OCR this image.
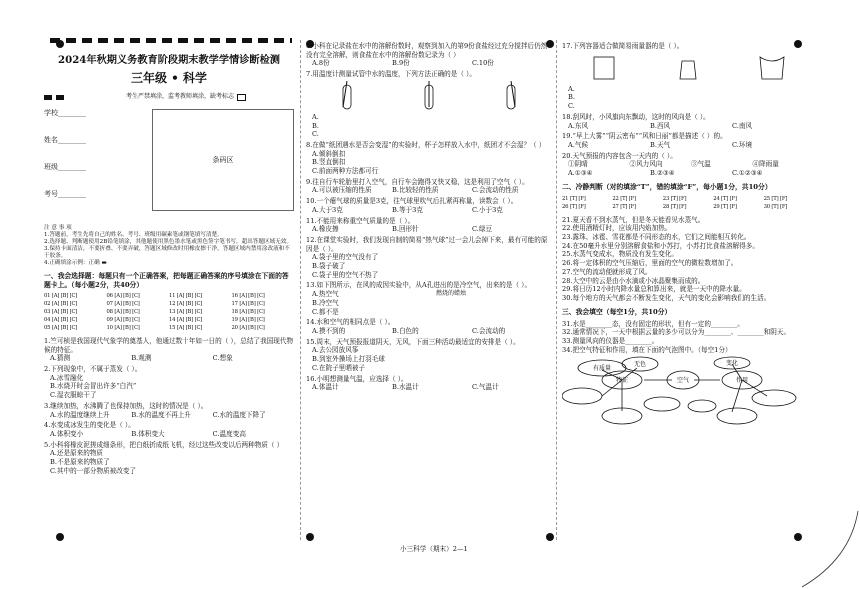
2024年秋期义务教育阶段期末教学学情诊断检测
三年级 • 科学
考生严禁填涂，监考教师填涂，缺考标志
学校________
姓名________
班级________
考号________
条码区
注 意 事 项
1.答题前，考生先将自己的姓名、考号、班级用碳素笔或钢笔填写清楚。
2.选择题、判断题使用2B铅笔填涂，其他题使用黑色墨水笔或黑色签字笔书写，超出答题区域无效。
3.保持卡面清洁，不要折叠、不要弄破，答题区域修改时用橡皮擦干净，答题区域内禁用涂改液和不干胶条。
4.正确填涂示例：正确 ▬
一、我会选择题：每题只有一个正确答案，把每题正确答案的序号填涂在下面的答题卡上。（每小题2分，共40分）
01 [A] [B] [C]	06 [A] [B] [C]	11 [A] [B] [C]	16 [A] [B] [C]
02 [A] [B] [C]	07 [A] [B] [C]	12 [A] [B] [C]	17 [A] [B] [C]
03 [A] [B] [C]	08 [A] [B] [C]	13 [A] [B] [C]	18 [A] [B] [C]
04 [A] [B] [C]	09 [A] [B] [C]	14 [A] [B] [C]	19 [A] [B] [C]
05 [A] [B] [C]	10 [A] [B] [C]	15 [A] [B] [C]	20 [A] [B] [C]
1.竺可桢是我国现代气象学的奠基人，他通过数十年如一日的（ ），总结了我国现代物候的特征。
A.猜测	B.观测	C.想象
2.下列现象中，不属于蒸发（ ）。
A.冰雪融化
B.水烧开时会冒出许多“白汽”
C.湿衣服晾干了
3.继续加热，水沸腾了也保持加热，这时的情况是（ ）。
A.水的温度继续上升	B.水的温度不再上升	C.水的温度下降了
4.水变成冰发生的变化是（ ）。
A.体积变小	B.体积变大	C.温度变高
5.小科将橡皮泥搓成细条形，把白纸折成纸飞机，经过这些改变以后两种物质（ ）
A.还是原来的物质
B.不是原来的物质了
C.其中的一部分物质被改变了
6.小科在记录盐在水中的溶解份数时，观察到加入的第9份食盐经过充分搅拌后仍然没有完全溶解，则食盐在水中的溶解份数记录为（ ）
A.8份	B.9份	C.10份
7.用温度计测量试管中水的温度，下列方法正确的是（ ）。
A.
B.
C.
8.在做“纸团遇水是否会变湿”的实验时，杯子怎样放入水中，纸团才不会湿？（ ）
A.倾斜倒扣
B.竖直倒扣
C.前面两种方法都可行
9.往自行车轮胎里打入空气，自行车会跑得又快又稳，这是利用了空气（ ）。
A.可以被压缩的性质	B.比较轻的性质	C.会流动的性质
10.一个瘪气球的质量是3克，往气球里吹气后扎紧再称量，读数会（ ）。
A.大于3克	B.等于3克	C.小于3克
11.不能用来称重空气质量的是（ ）。
A.橡皮擦	B.回形针	C.绿豆
12.在课堂实验时，我们发现自制的简易“热气球”过一会儿会掉下来，最有可能的原因是（ ）。
A.袋子里的空气没有了
B.袋子破了
C.袋子里的空气不热了
13.如下图所示，在风的成因实验中，从A孔进出的是冷空气，出来的是（ ）。
A.热空气
B.冷空气
C.都不是
燃烧的蜡烛
14.水和空气的相同点是（ ）。
A.摸不到的	B.白色的	C.会流动的
15.周末，天气预报报道阴天，无风，下面三种活动最适宜的安排是（ ）。
A.去公园放风筝
B.到室外操场上打羽毛球
C.在院子里晒被子
16.小明想测量气温，应选择（ ）。
A.体温计	B.水温计	C.气温计
17.下列容器适合做简易雨量器的是（ ）。
A.
B.
C.
18.刮风时，小风旗向东飘动，这时的风向是（ ）。
A.东风	B.西风	C.南风
19.“早上大雾”“阴云密布”“风和日丽”都是描述（ ）的。
A.气候	B.天气	C.环境
20.天气预报的内容包含一天内的（ ）。
①阴晴	②风力风向	③气温	④降雨量
A.①③④	B.②③④	C.①②③④
二、冷静判断（对的填涂“T”，错的填涂“F”，每小题1分，共10分）
21 [T] [F]	22 [T] [F]	23 [T] [F]	24 [T] [F]	25 [T] [F]
26 [T] [F]	27 [T] [F]	28 [T] [F]	29 [T] [F]	30 [T] [F]
21.夏天看不到水蒸气，但是冬天能看见水蒸气。
22.使用酒精灯时，应该用内焰加热。
23.露珠、冰雹、雪花都是不同形态的水，它们之间能相互转化。
24.在50毫升水里分别溶解食盐和小苏打，小苏打比食盐溶解得多。
25.水蒸气变成水，物质没有发生变化。
26.将一定体积的空气压缩后，里面的空气的微粒数增加了。
27.空气的流动便就形成了风。
28.大空中的云是由小水滴或小冰晶聚集而成的。
29.将日历12小时内降水量总和算出来，就是一天中的降水量。
30.每个地方的天气都会不断发生变化，天气的变化会影响我们的生活。
三、我会填空（每空1分，共10分）
31.水是________态，没有固定的形状，但有一定的________。
32.通常情况下，一天中根据云量的多少可以分为________、________和阴天。
33.测量风向的仪器是________。
34.把空气特征和作用，填在下面的气泡图中。（每空1分）
有质量
无色
特征	空气	作用
变化
小三科学（期末）2—1
